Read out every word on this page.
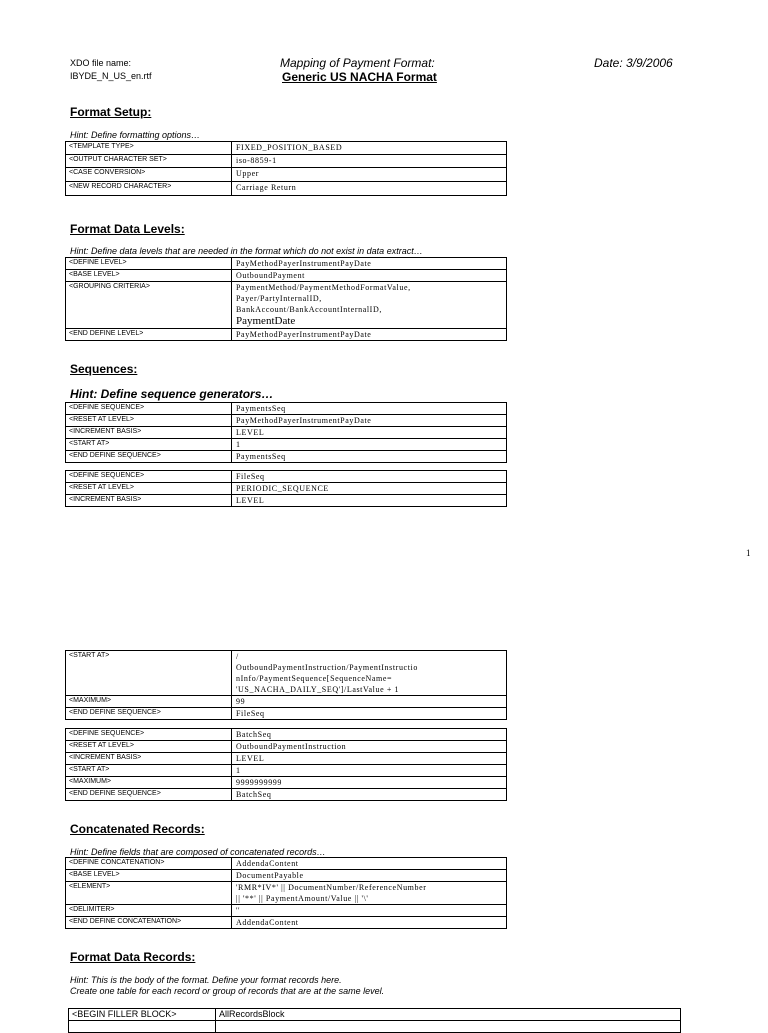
XDO file name:
IBYDE_N_US_en.rtf
Mapping of Payment Format:
Generic US NACHA Format
Date: 3/9/2006
Format Setup:
Hint: Define formatting options…
<TEMPLATE TYPE>	FIXED_POSITION_BASED
<OUTPUT CHARACTER SET>	iso-8859-1
<CASE CONVERSION>	Upper
<NEW RECORD CHARACTER>	Carriage Return
Format Data Levels:
Hint: Define data levels that are needed in the format which do not exist in data extract…
<DEFINE LEVEL>	PayMethodPayerInstrumentPayDate
<BASE LEVEL>	OutboundPayment
<GROUPING CRITERIA>	PaymentMethod/PaymentMethodFormatValue,
Payer/PartyInternalID,
BankAccount/BankAccountInternalID,
PaymentDate

<END DEFINE LEVEL>	PayMethodPayerInstrumentPayDate
Sequences:
Hint: Define sequence generators…
<DEFINE SEQUENCE>	PaymentsSeq
<RESET AT LEVEL>	PayMethodPayerInstrumentPayDate
<INCREMENT BASIS>	LEVEL
<START AT>	1
<END DEFINE SEQUENCE>	PaymentsSeq
<DEFINE SEQUENCE>	FileSeq
<RESET AT LEVEL>	PERIODIC_SEQUENCE
<INCREMENT BASIS>	LEVEL
1
<START AT>	/
OutboundPaymentInstruction/PaymentInstructio
nInfo/PaymentSequence[SequenceName=
'US_NACHA_DAILY_SEQ']/LastValue + 1

<MAXIMUM>	99
<END DEFINE SEQUENCE>	FileSeq
<DEFINE SEQUENCE>	BatchSeq
<RESET AT LEVEL>	OutboundPaymentInstruction
<INCREMENT BASIS>	LEVEL
<START AT>	1
<MAXIMUM>	9999999999
<END DEFINE SEQUENCE>	BatchSeq
Concatenated Records:
Hint: Define fields that are composed of concatenated records…
<DEFINE CONCATENATION>	AddendaContent
<BASE LEVEL>	DocumentPayable
<ELEMENT>	'RMR*IV*' || DocumentNumber/ReferenceNumber
|| '**' || PaymentAmount/Value || '\'

<DELIMITER>	''
<END DEFINE CONCATENATION>	AddendaContent
Format Data Records:
Hint: This is the body of the format. Define your format records here.
Create one table for each record or group of records that are at the same level.
<BEGIN FILLER BLOCK>	AllRecordsBlock
